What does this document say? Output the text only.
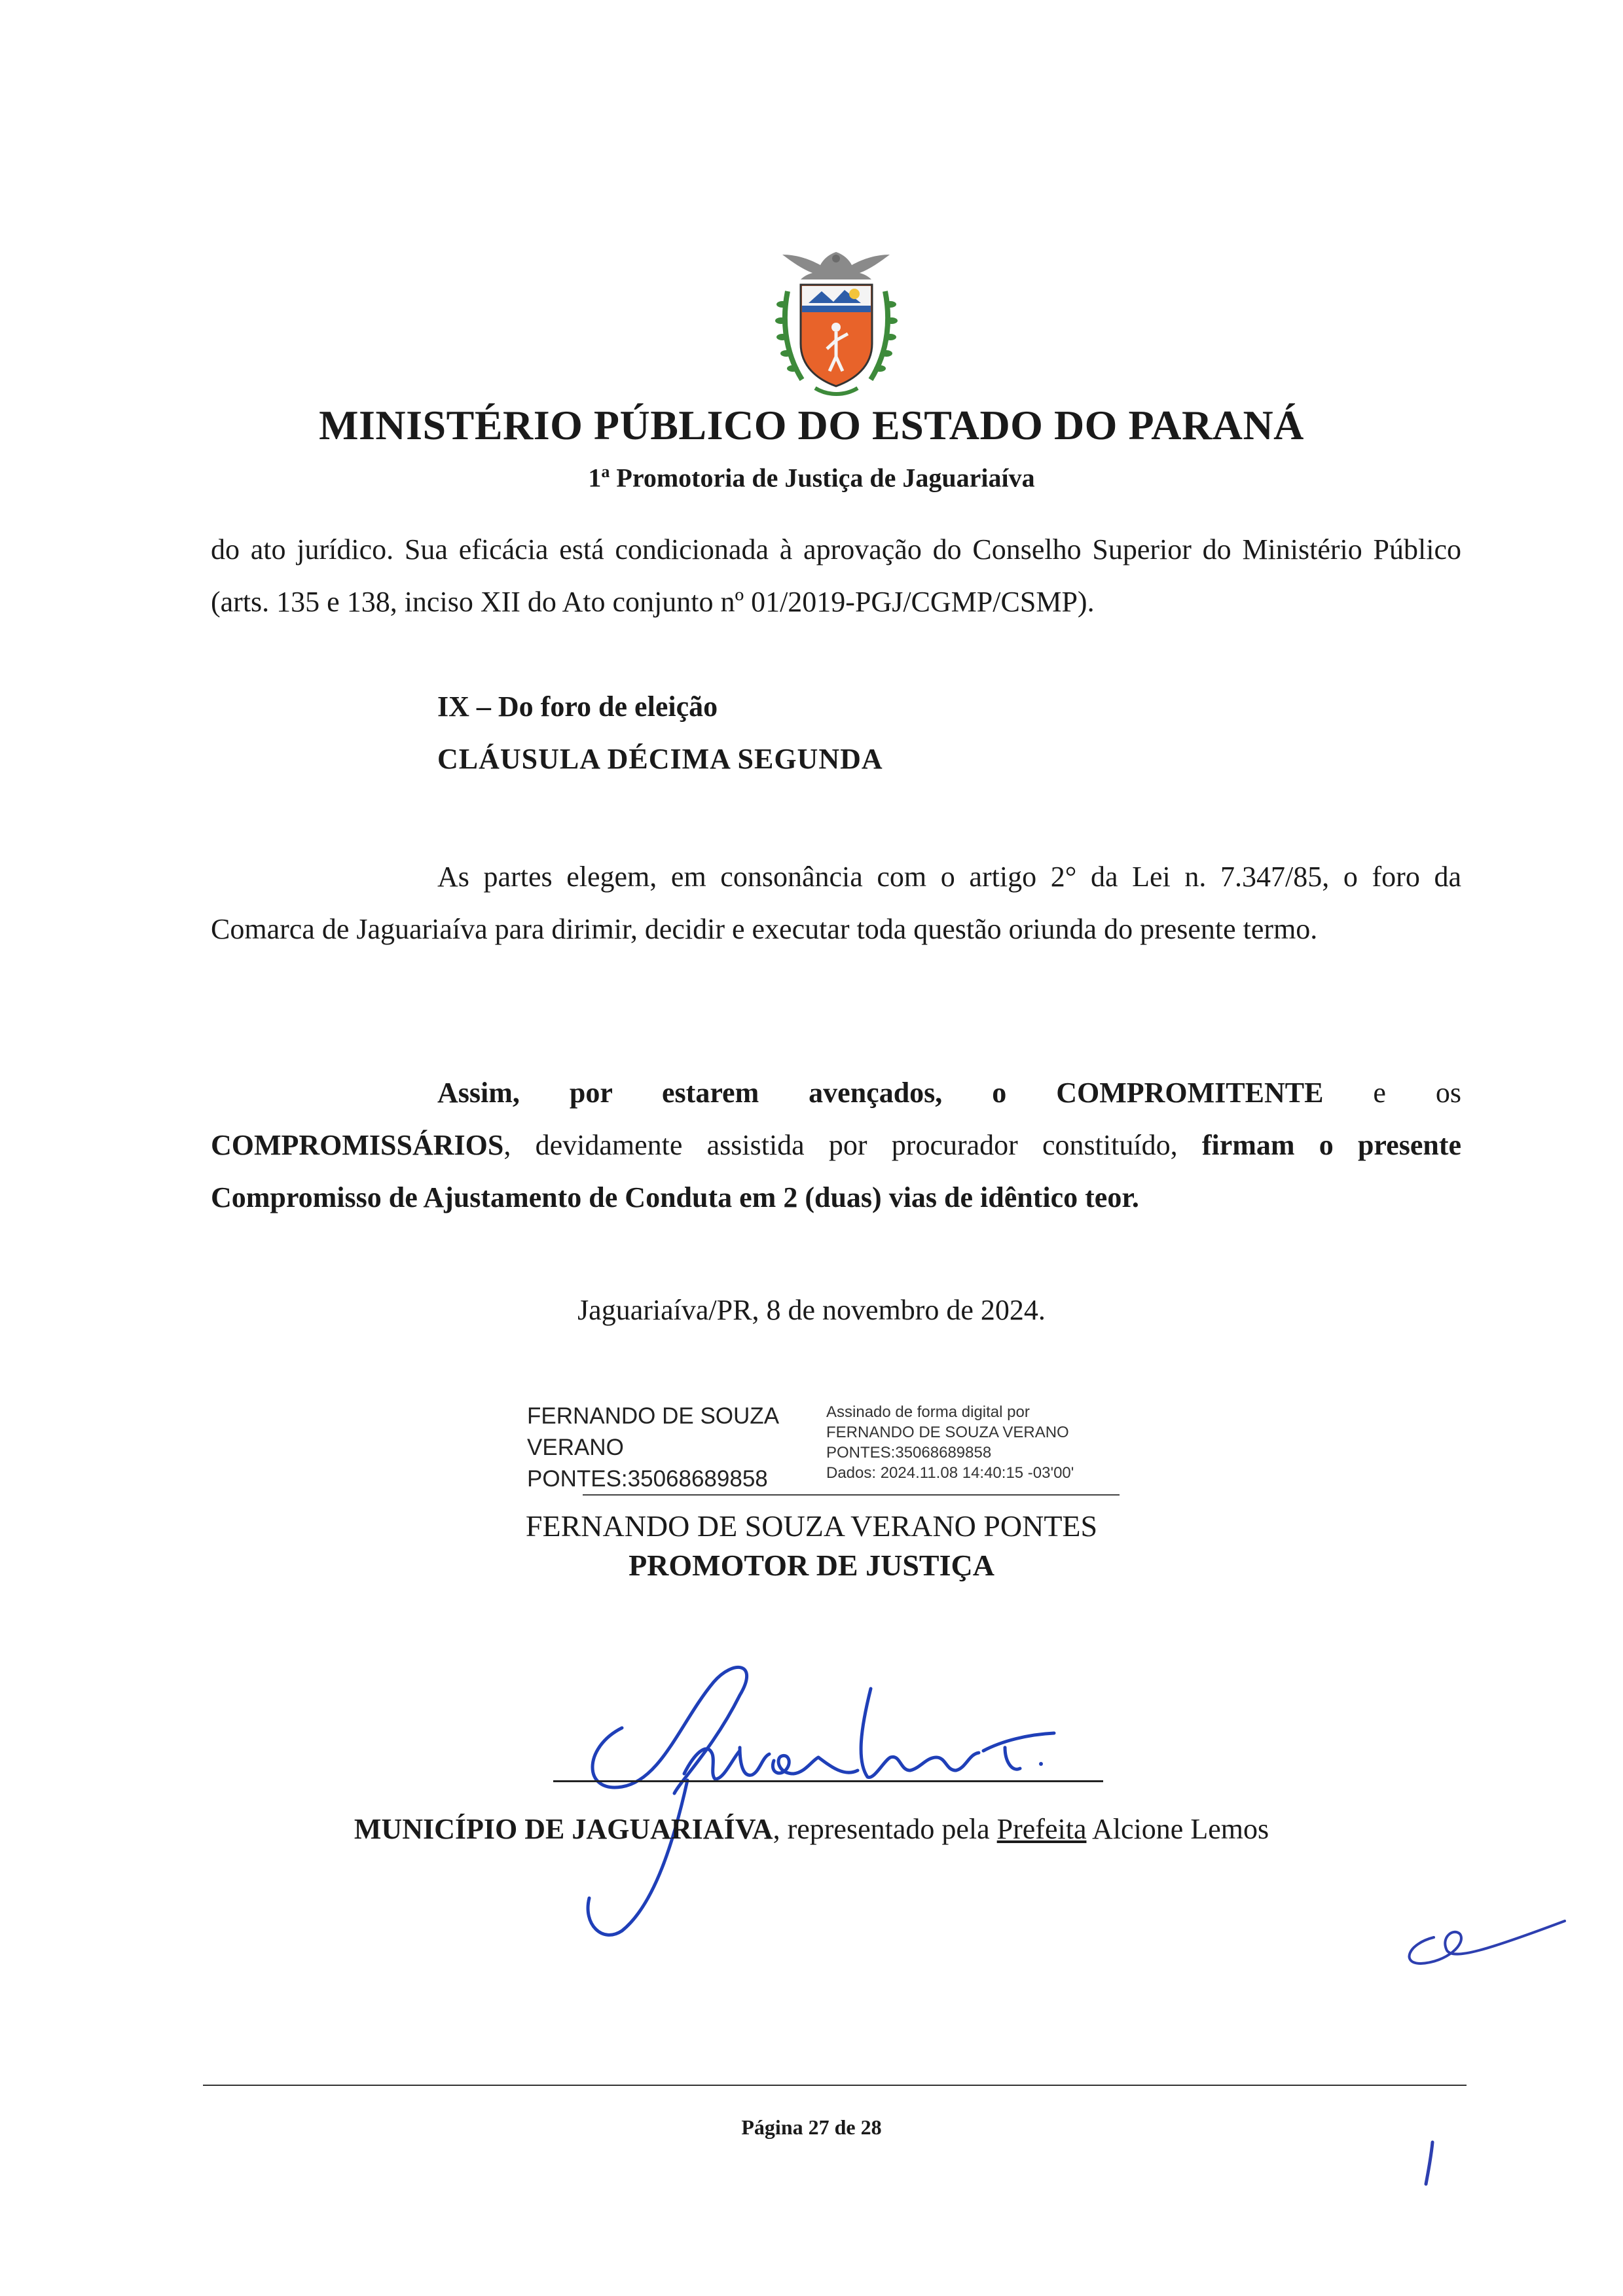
MINISTÉRIO PÚBLICO DO ESTADO DO PARANÁ
1$^a$ Promotoria de Justiça de Jaguariaíva
do ato jurídico. Sua eficácia está condicionada à aprovação do Conselho Superior do Ministério Público (arts. 135 e 138, inciso XII do Ato conjunto nº 01/2019-PGJ/CGMP/CSMP).
IX – Do foro de eleição
CLÁUSULA DÉCIMA SEGUNDA
As partes elegem, em consonância com o artigo 2° da Lei n. 7.347/85, o foro da Comarca de Jaguariaíva para dirimir, decidir e executar toda questão oriunda do presente termo.
Assim, por estarem avençados, o COMPROMITENTE e os COMPROMISSÁRIOS, devidamente assistida por procurador constituído, firmam o presente Compromisso de Ajustamento de Conduta em 2 (duas) vias de idêntico teor.
Jaguariaíva/PR, 8 de novembro de 2024.
FERNANDO DE SOUZA
VERANO
PONTES:35068689858
Assinado de forma digital por
FERNANDO DE SOUZA VERANO
PONTES:35068689858
Dados: 2024.11.08 14:40:15 -03'00'
FERNANDO DE SOUZA VERANO PONTES
PROMOTOR DE JUSTIÇA
MUNICÍPIO DE JAGUARIAÍVA, representado pela Prefeita Alcione Lemos
Página 27 de 28
